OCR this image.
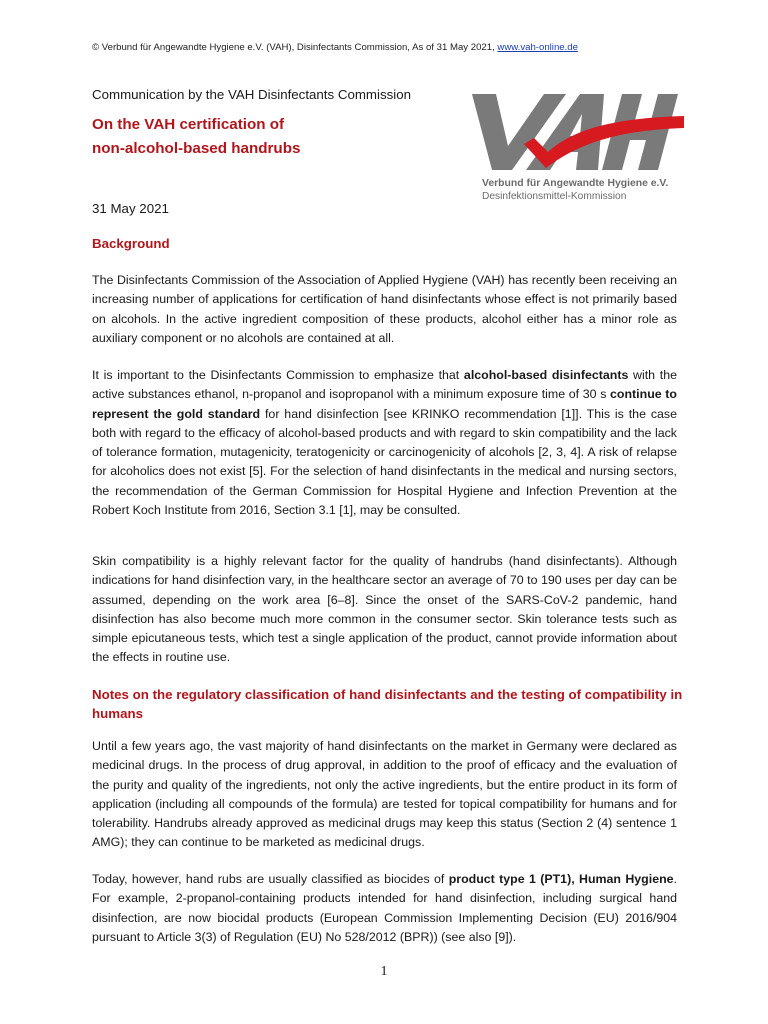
© Verbund für Angewandte Hygiene e.V. (VAH), Disinfectants Commission, As of 31 May 2021, www.vah-online.de
Communication by the VAH Disinfectants Commission
On the VAH certification of
non-alcohol-based handrubs
Verbund für Angewandte Hygiene e.V.
Desinfektionsmittel-Kommission
31 May 2021
Background
The Disinfectants Commission of the Association of Applied Hygiene (VAH) has recently been receiving an increasing number of applications for certification of hand disinfectants whose effect is not primarily based on alcohols. In the active ingredient composition of these products, alcohol either has a minor role as auxiliary component or no alcohols are contained at all.
It is important to the Disinfectants Commission to emphasize that alcohol-based disinfectants with the active substances ethanol, n-propanol and isopropanol with a minimum exposure time of 30 s continue to represent the gold standard for hand disinfection [see KRINKO recommendation [1]]. This is the case both with regard to the efficacy of alcohol-based products and with regard to skin compatibility and the lack of tolerance formation, mutagenicity, teratogenicity or carcinogenicity of alcohols [2, 3, 4]. A risk of relapse for alcoholics does not exist [5]. For the selection of hand disinfectants in the medical and nursing sectors, the recommendation of the German Commission for Hospital Hygiene and Infection Prevention at the Robert Koch Institute from 2016, Section 3.1 [1], may be consulted.
Skin compatibility is a highly relevant factor for the quality of handrubs (hand disinfectants). Although indications for hand disinfection vary, in the healthcare sector an average of 70 to 190 uses per day can be assumed, depending on the work area [6–8]. Since the onset of the SARS-CoV-2 pandemic, hand disinfection has also become much more common in the consumer sector. Skin tolerance tests such as simple epicutaneous tests, which test a single application of the product, cannot provide information about the effects in routine use.
Notes on the regulatory classification of hand disinfectants and the testing of compatibility in humans
Until a few years ago, the vast majority of hand disinfectants on the market in Germany were declared as medicinal drugs. In the process of drug approval, in addition to the proof of efficacy and the evaluation of the purity and quality of the ingredients, not only the active ingredients, but the entire product in its form of application (including all compounds of the formula) are tested for topical compatibility for humans and for tolerability. Handrubs already approved as medicinal drugs may keep this status (Section 2 (4) sentence 1 AMG); they can continue to be marketed as medicinal drugs.
Today, however, hand rubs are usually classified as biocides of product type 1 (PT1), Human Hygiene. For example, 2-propanol-containing products intended for hand disinfection, including surgical hand disinfection, are now biocidal products (European Commission Implementing Decision (EU) 2016/904 pursuant to Article 3(3) of Regulation (EU) No 528/2012 (BPR)) (see also [9]).
1
